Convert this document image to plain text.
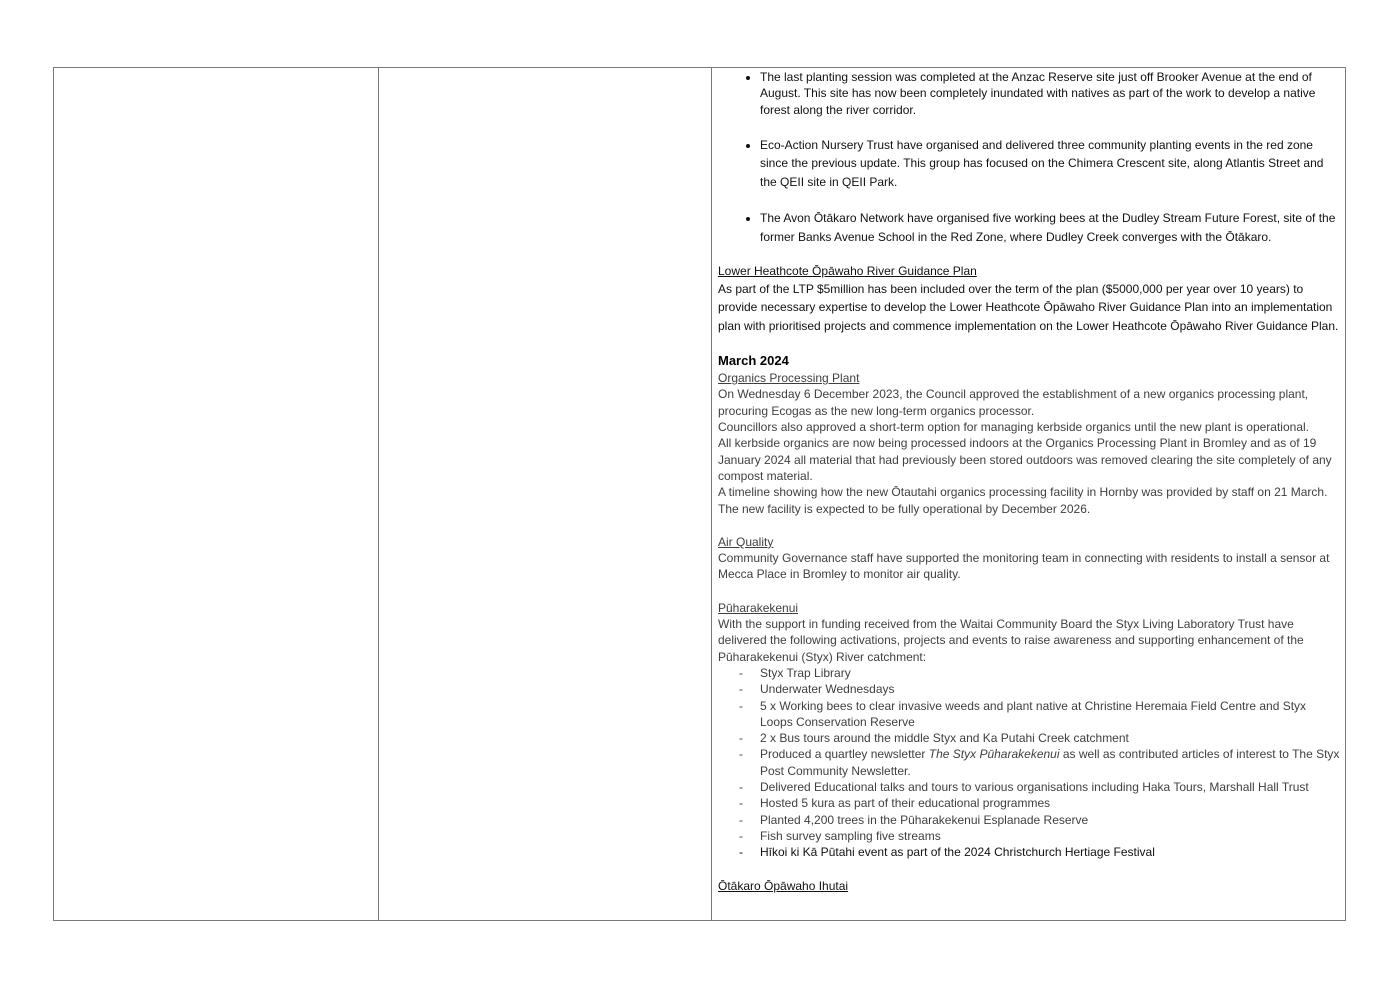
• The last planting session was completed at the Anzac Reserve site just off Brooker Avenue at the end of August. This site has now been completely inundated with natives as part of the work to develop a native forest along the river corridor.
• Eco-Action Nursery Trust have organised and delivered three community planting events in the red zone since the previous update. This group has focused on the Chimera Crescent site, along Atlantis Street and the QEII site in QEII Park.
• The Avon Ōtākaro Network have organised five working bees at the Dudley Stream Future Forest, site of the former Banks Avenue School in the Red Zone, where Dudley Creek converges with the Ōtākaro.

Lower Heathcote Ōpāwaho River Guidance Plan

As part of the LTP $5million has been included over the term of the plan ($5000,000 per year over 10 years) to provide necessary expertise to develop the Lower Heathcote Ōpāwaho River Guidance Plan into an implementation plan with prioritised projects and commence implementation on the Lower Heathcote Ōpāwaho River Guidance Plan.

March 2024

Organics Processing Plant

On Wednesday 6 December 2023, the Council approved the establishment of a new organics processing plant, procuring Ecogas as the new long-term organics processor.

Councillors also approved a short-term option for managing kerbside organics until the new plant is operational.

All kerbside organics are now being processed indoors at the Organics Processing Plant in Bromley and as of 19 January 2024 all material that had previously been stored outdoors was removed clearing the site completely of any compost material.

A timeline showing how the new Ōtautahi organics processing facility in Hornby was provided by staff on 21 March.

The new facility is expected to be fully operational by December 2026.

Air Quality

Community Governance staff have supported the monitoring team in connecting with residents to install a sensor at Mecca Place in Bromley to monitor air quality.

Pūharakekenui

With the support in funding received from the Waitai Community Board the Styx Living Laboratory Trust have delivered the following activations, projects and events to raise awareness and supporting enhancement of the Pūharakekenui (Styx) River catchment:

- Styx Trap Library
- Underwater Wednesdays
- 5 x Working bees to clear invasive weeds and plant native at Christine Heremaia Field Centre and Styx Loops Conservation Reserve
- 2 x Bus tours around the middle Styx and Ka Putahi Creek catchment
- Produced a quartley newsletter The Styx Pūharakekenui as well as contributed articles of interest to The Styx Post Community Newsletter.
- Delivered Educational talks and tours to various organisations including Haka Tours, Marshall Hall Trust
- Hosted 5 kura as part of their educational programmes
- Planted 4,200 trees in the Pūharakekenui Esplanade Reserve
- Fish survey sampling five streams
- Hīkoi ki Kā Pūtahi event as part of the 2024 Christchurch Hertiage Festival

Ōtākaro Ōpāwaho Ihutai
